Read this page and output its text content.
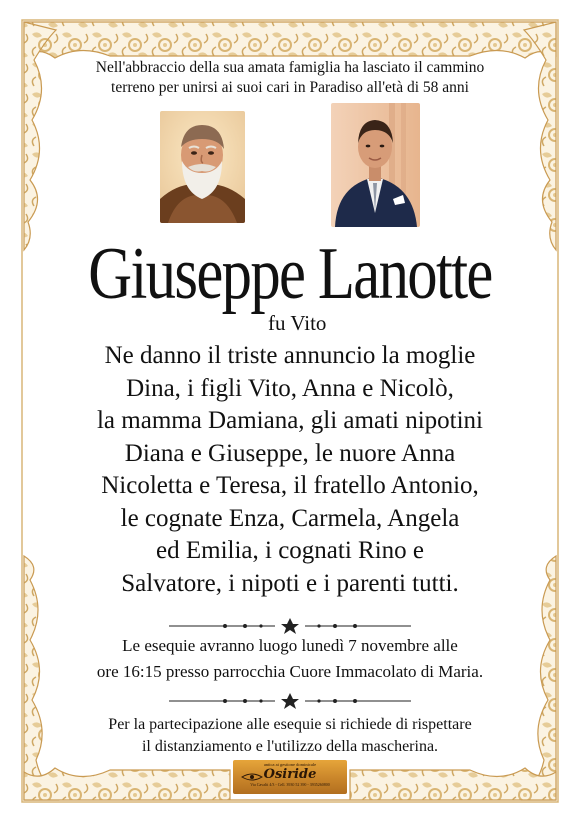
Nell'abbraccio della sua amata famiglia ha lasciato il cammino
terreno per unirsi ai suoi cari in Paradiso all'età di 58 anni
Giuseppe Lanotte
fu Vito
Ne danno il triste annuncio la moglie
Dina, i figli Vito, Anna e Nicolò,
la mamma Damiana, gli amati nipotini
Diana e Giuseppe, le nuore Anna
Nicoletta e Teresa, il fratello Antonio,
le cognate Enza, Carmela, Angela
ed Emilia, i cognati Rino e
Salvatore, i nipoti e i parenti tutti.
Le esequie avranno luogo lunedì 7 novembre alle
ore 16:15 presso parrocchia Cuore Immacolato di Maria.
Per la partecipazione alle esequie si richiede di rispettare
il distanziamento e l'utilizzo della mascherina.
antica ai gestione dominicale
Osiride
Via Cavalti 4/3 - Cell. 3930 52 390 - 3935260800
